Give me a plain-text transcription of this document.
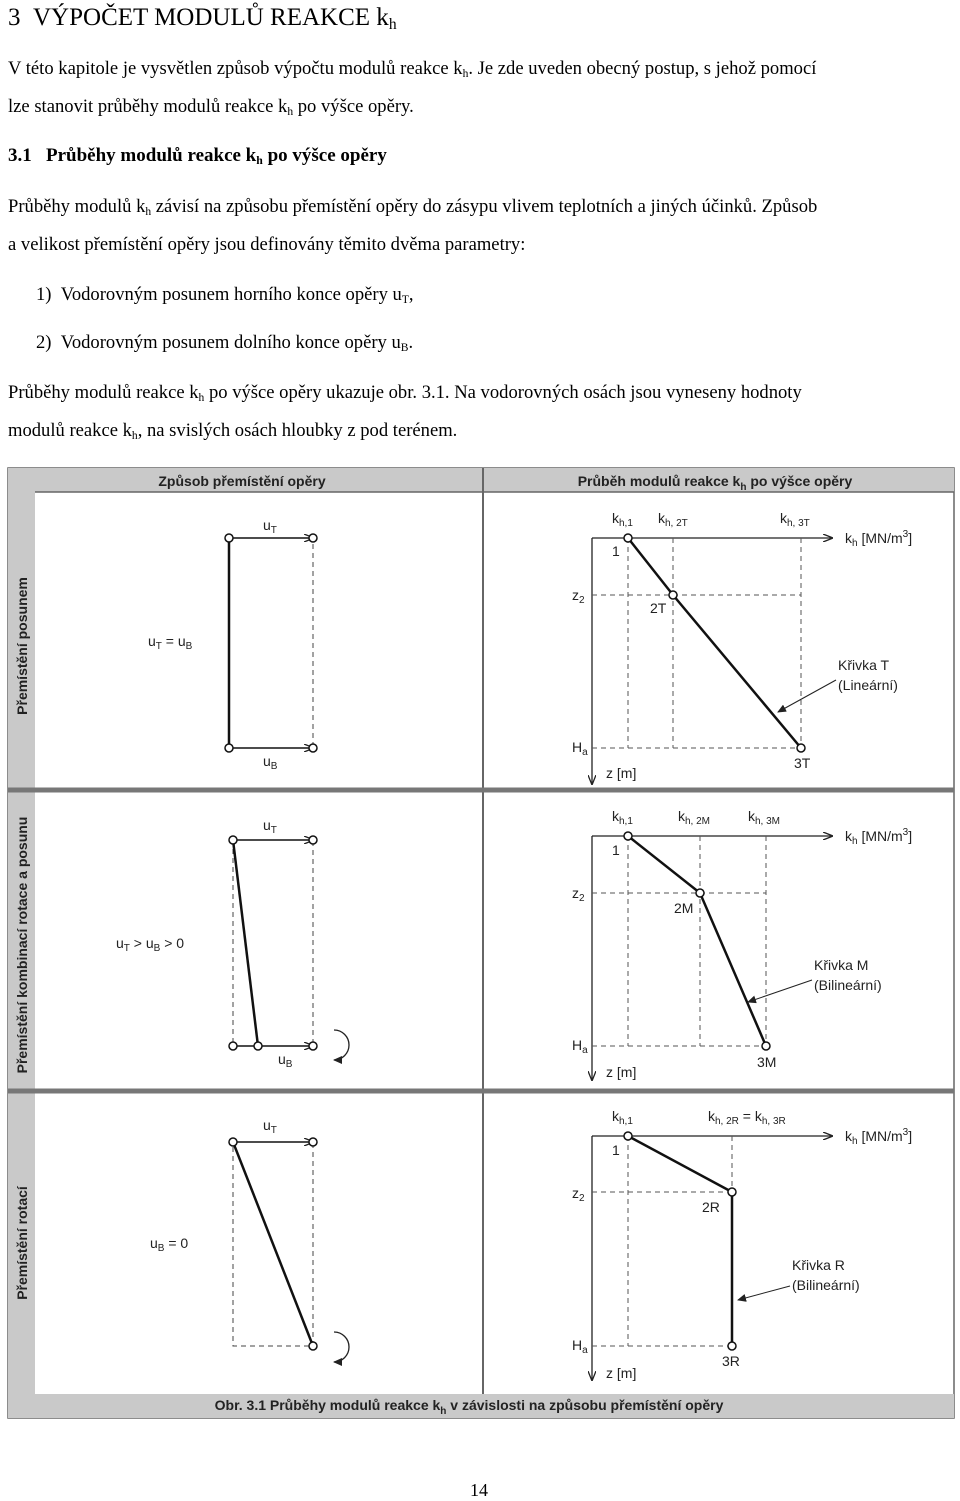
3 VÝPOČET MODULŮ REAKCE $k_h$
V této kapitole je vysvětlen způsob výpočtu modulů reakce $k_h$. Je zde uveden obecný postup, s jehož pomocí
lze stanovit průběhy modulů reakce $k_h$ po výšce opěry.
3.1 Průběhy modulů reakce $k_h$ po výšce opěry
Průběhy modulů $k_h$ závisí na způsobu přemístění opěry do zásypu vlivem teplotních a jiných účinků. Způsob
a velikost přemístění opěry jsou definovány těmito dvěma parametry:
1) Vodorovným posunem horního konce opěry $u_T$,
2) Vodorovným posunem dolního konce opěry $u_B$.
Průběhy modulů reakce $k_h$ po výšce opěry ukazuje obr. 3.1. Na vodorovných osách jsou vyneseny hodnoty
modulů reakce $k_h$, na svislých osách hloubky z pod terénem.
Způsob přemístění opěry	Průběh modulů reakce $k_h$ po výšce opěry
Přemístění posunem
Přemístění kombinací rotace a posunu
Přemístění rotací
Obr. 3.1 Průběhy modulů reakce $k_h$ v závislosti na způsobu přemístění opěry
$u_T$
$u_B$
$u_T = u_B$
$u_T$
$u_B$
$u_T > u_B > 0$
$u_T$
$u_B = 0$
$k_{h,1}$ $k_{h, 2T}$	$k_{h, 3T}$
$k_h$ $[MN/m^3]$
1
2T
3T
$z_2$
$H_a$
z [m]
Křivka T
(Lineární)
$k_{h,1}$	$k_{h, 2M}$	$k_{h, 3M}$
$k_h$ $[MN/m^3]$
1
2M
3M
$z_2$
$H_a$
z [m]
Křivka M
(Bilineární)
$k_{h,1}$	$k_{h, 2R} = k_{h, 3R}$
$k_h$ $[MN/m^3]$
1
2R
3R
$z_2$
$H_a$
z [m]
Křivka R
(Bilineární)
14
